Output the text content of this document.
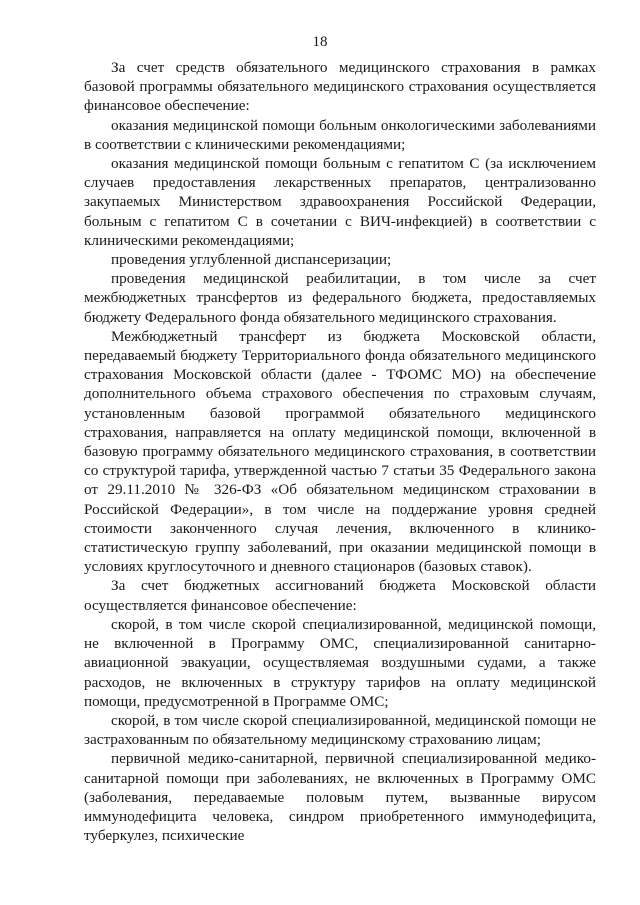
18

За счет средств обязательного медицинского страхования в рамках базовой программы обязательного медицинского страхования осуществляется финансовое обеспечение:

оказания медицинской помощи больным онкологическими заболеваниями в соответствии с клиническими рекомендациями;

оказания медицинской помощи больным с гепатитом С (за исключением случаев предоставления лекарственных препаратов, централизованно закупаемых Министерством здравоохранения Российской Федерации, больным с гепатитом С в сочетании с ВИЧ-инфекцией) в соответствии с клиническими рекомендациями;

проведения углубленной диспансеризации;

проведения медицинской реабилитации, в том числе за счет межбюджетных трансфертов из федерального бюджета, предоставляемых бюджету Федерального фонда обязательного медицинского страхования.

Межбюджетный трансферт из бюджета Московской области, передаваемый бюджету Территориального фонда обязательного медицинского страхования Московской области (далее - ТФОМС МО) на обеспечение дополнительного объема страхового обеспечения по страховым случаям, установленным базовой программой обязательного медицинского страхования, направляется на оплату медицинской помощи, включенной в базовую программу обязательного медицинского страхования, в соответствии со структурой тарифа, утвержденной частью 7 статьи 35 Федерального закона от 29.11.2010 № 326-ФЗ «Об обязательном медицинском страховании в Российской Федерации», в том числе на поддержание уровня средней стоимости законченного случая лечения, включенного в клинико-статистическую группу заболеваний, при оказании медицинской помощи в условиях круглосуточного и дневного стационаров (базовых ставок).

За счет бюджетных ассигнований бюджета Московской области осуществляется финансовое обеспечение:

скорой, в том числе скорой специализированной, медицинской помощи, не включенной в Программу ОМС, специализированной санитарно-авиационной эвакуации, осуществляемая воздушными судами, а также расходов, не включенных в структуру тарифов на оплату медицинской помощи, предусмотренной в Программе ОМС;

скорой, в том числе скорой специализированной, медицинской помощи не застрахованным по обязательному медицинскому страхованию лицам;

первичной медико-санитарной, первичной специализированной медико-санитарной помощи при заболеваниях, не включенных в Программу ОМС (заболевания, передаваемые половым путем, вызванные вирусом иммунодефицита человека, синдром приобретенного иммунодефицита, туберкулез, психические
